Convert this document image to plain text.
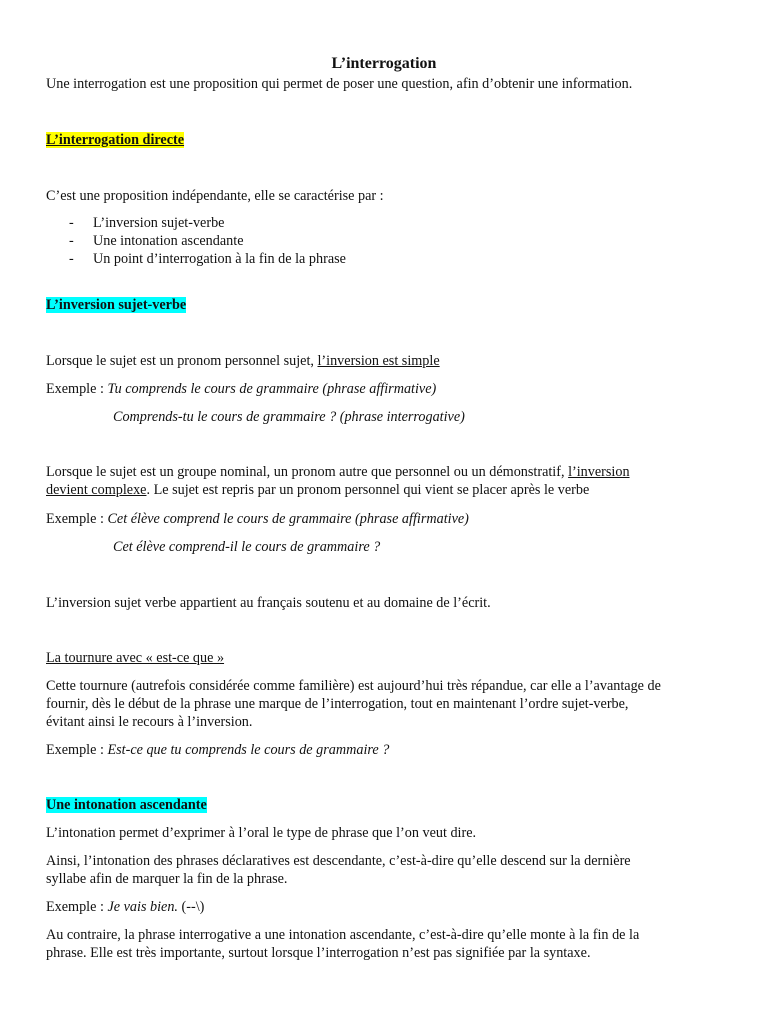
L’interrogation

Une interrogation est une proposition qui permet de poser une question, afin d’obtenir une information.

L’interrogation directe

C’est une proposition indépendante, elle se caractérise par :

- L’inversion sujet-verbe
- Une intonation ascendante
- Un point d’interrogation à la fin de la phrase

L’inversion sujet-verbe

Lorsque le sujet est un pronom personnel sujet, l’inversion est simple

Exemple : Tu comprends le cours de grammaire (phrase affirmative)

Comprends-tu le cours de grammaire ? (phrase interrogative)

Lorsque le sujet est un groupe nominal, un pronom autre que personnel ou un démonstratif, l’inversion

devient complexe. Le sujet est repris par un pronom personnel qui vient se placer après le verbe

Exemple : Cet élève comprend le cours de grammaire (phrase affirmative)

Cet élève comprend-il le cours de grammaire ?

L’inversion sujet verbe appartient au français soutenu et au domaine de l’écrit.

La tournure avec « est-ce que »

Cette tournure (autrefois considérée comme familière) est aujourd’hui très répandue, car elle a l’avantage de

fournir, dès le début de la phrase une marque de l’interrogation, tout en maintenant l’ordre sujet-verbe,

évitant ainsi le recours à l’inversion.

Exemple : Est-ce que tu comprends le cours de grammaire ?

Une intonation ascendante

L’intonation permet d’exprimer à l’oral le type de phrase que l’on veut dire.

Ainsi, l’intonation des phrases déclaratives est descendante, c’est-à-dire qu’elle descend sur la dernière

syllabe afin de marquer la fin de la phrase.

Exemple : Je vais bien. (--\)

Au contraire, la phrase interrogative a une intonation ascendante, c’est-à-dire qu’elle monte à la fin de la

phrase. Elle est très importante, surtout lorsque l’interrogation n’est pas signifiée par la syntaxe.
